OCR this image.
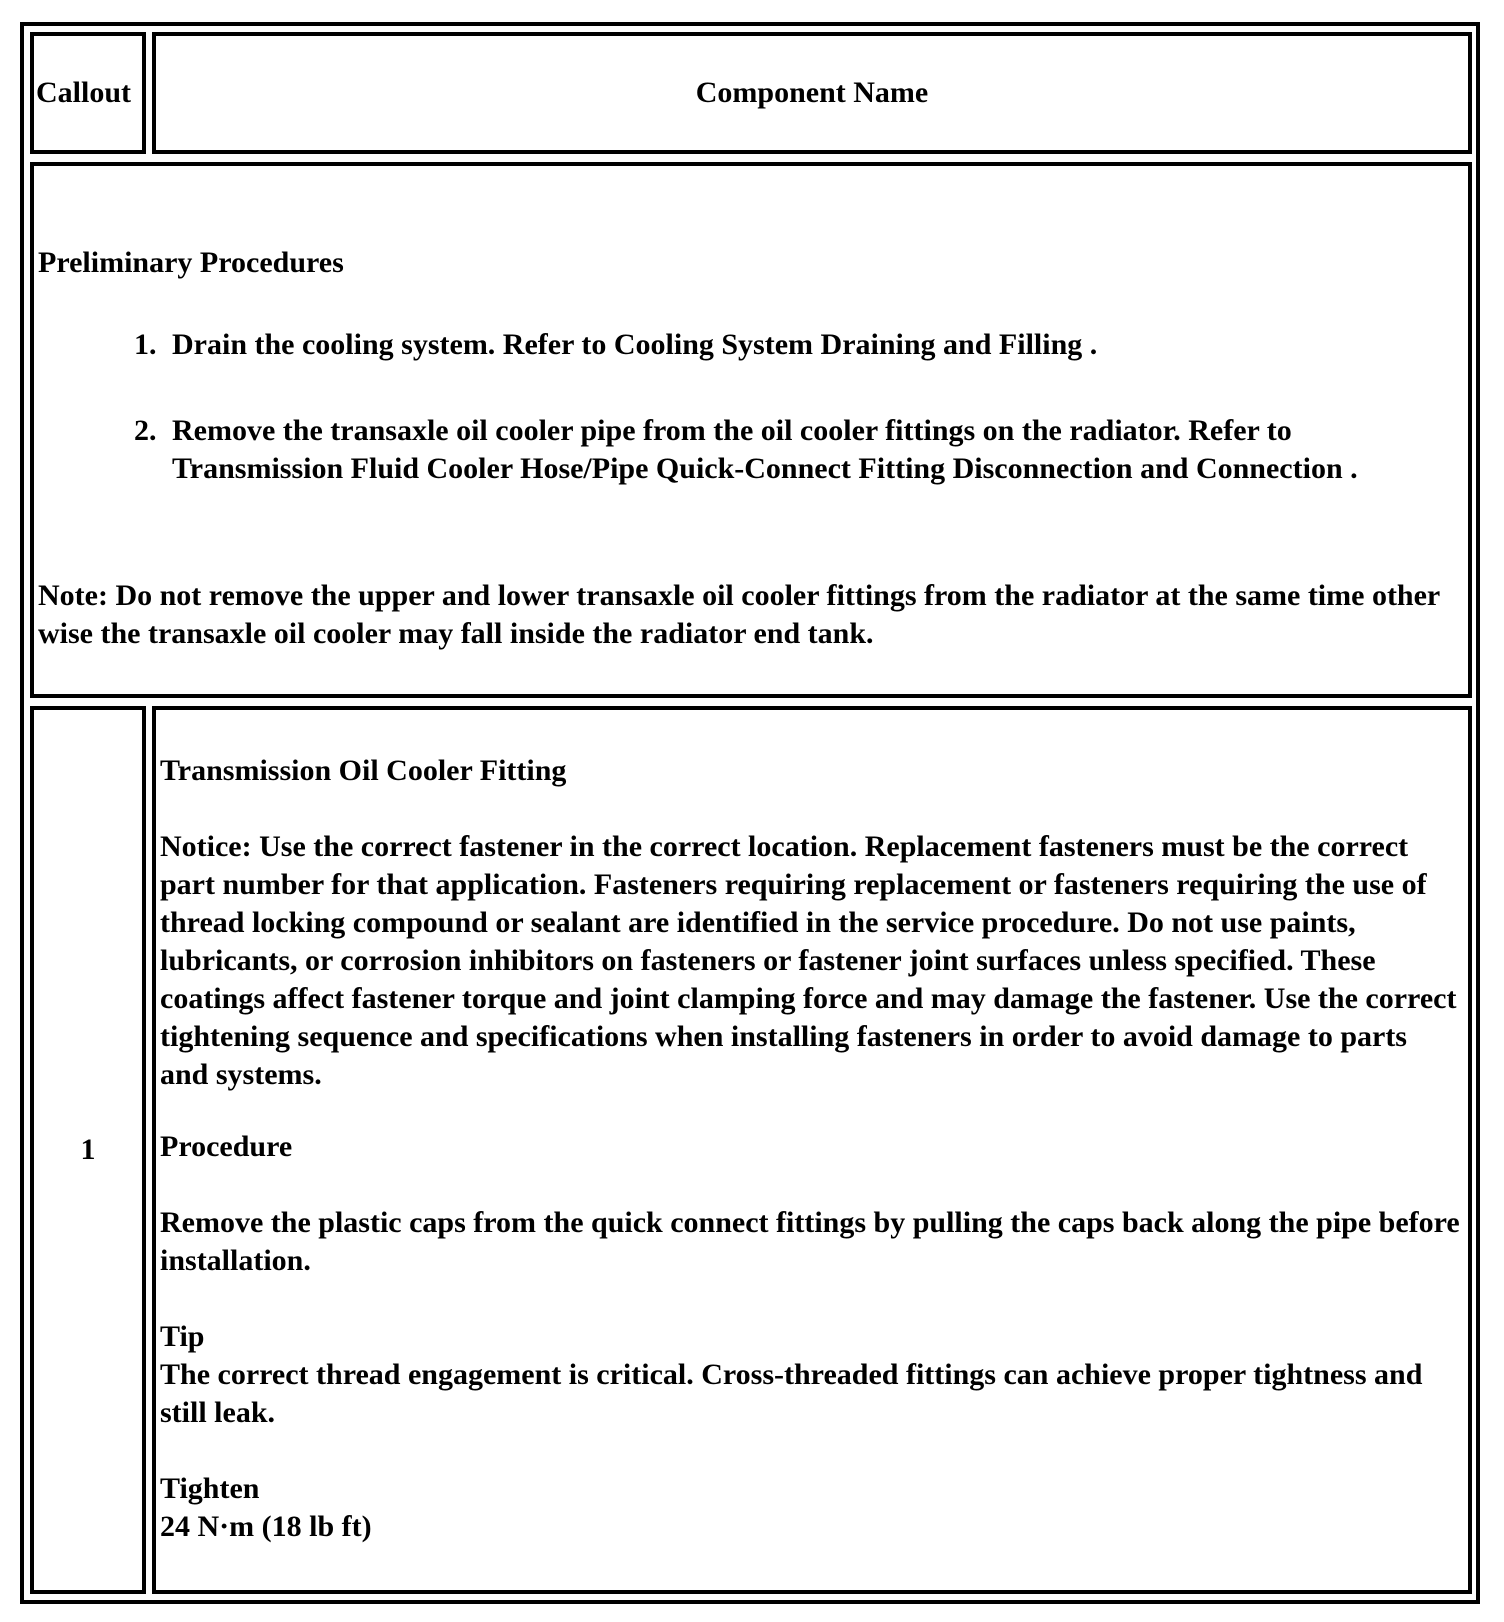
Callout	Component Name
Preliminary Procedures
1. Drain the cooling system. Refer to Cooling System Draining and Filling .
2. Remove the transaxle oil cooler pipe from the oil cooler fittings on the radiator. Refer to Transmission Fluid Cooler Hose/Pipe Quick-Connect Fitting Disconnection and Connection .
Note: Do not remove the upper and lower transaxle oil cooler fittings from the radiator at the same time other wise the transaxle oil cooler may fall inside the radiator end tank.
1
Transmission Oil Cooler Fitting
Notice: Use the correct fastener in the correct location. Replacement fasteners must be the correct part number for that application. Fasteners requiring replacement or fasteners requiring the use of thread locking compound or sealant are identified in the service procedure. Do not use paints, lubricants, or corrosion inhibitors on fasteners or fastener joint surfaces unless specified. These coatings affect fastener torque and joint clamping force and may damage the fastener. Use the correct tightening sequence and specifications when installing fasteners in order to avoid damage to parts and systems.
Procedure
Remove the plastic caps from the quick connect fittings by pulling the caps back along the pipe before installation.
Tip
The correct thread engagement is critical. Cross-threaded fittings can achieve proper tightness and still leak.
Tighten
24 N·m (18 lb ft)
